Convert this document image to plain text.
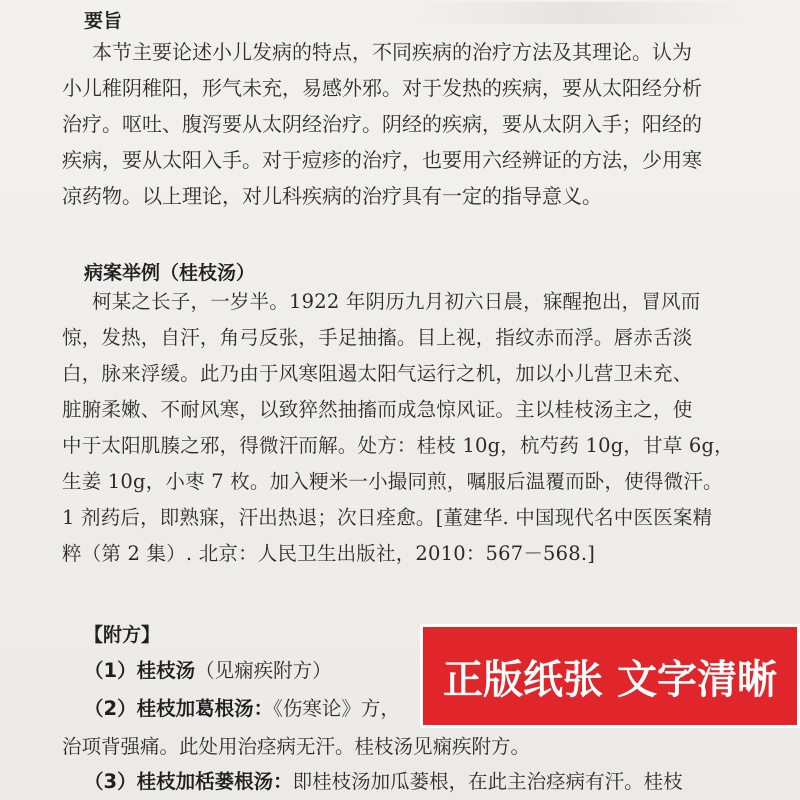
要旨
本节主要论述小儿发病的特点，不同疾病的治疗方法及其理论。认为
小儿稚阴稚阳，形气未充，易感外邪。对于发热的疾病，要从太阳经分析
治疗。呕吐、腹泻要从太阴经治疗。阴经的疾病，要从太阴入手；阳经的
疾病，要从太阳入手。对于痘疹的治疗，也要用六经辨证的方法，少用寒
凉药物。以上理论，对儿科疾病的治疗具有一定的指导意义。
病案举例（桂枝汤）
柯某之长子，一岁半。1922 年阴历九月初六日晨，寐醒抱出，冒风而
惊，发热，自汗，角弓反张，手足抽搐。目上视，指纹赤而浮。唇赤舌淡
白，脉来浮缓。此乃由于风寒阻遏太阳气运行之机，加以小儿营卫未充、
脏腑柔嫩、不耐风寒，以致猝然抽搐而成急惊风证。主以桂枝汤主之，使
中于太阳肌腠之邪，得微汗而解。处方：桂枝 10g，杭芍药 10g，甘草 6g，
生姜 10g，小枣 7 枚。加入粳米一小撮同煎，嘱服后温覆而卧，使得微汗。
1 剂药后，即熟寐，汗出热退；次日痊愈。[董建华. 中国现代名中医医案精
粹（第 2 集）. 北京：人民卫生出版社，2010：567－568.]
【附方】
（1）桂枝汤（见痫疾附方）
（2）桂枝加葛根汤：《伤寒论》方，
治项背强痛。此处用治痉病无汗。桂枝汤见痫疾附方。
（3）桂枝加栝蒌根汤：即桂枝汤加瓜蒌根，在此主治痉病有汗。桂枝
正版纸张 文字清晰
